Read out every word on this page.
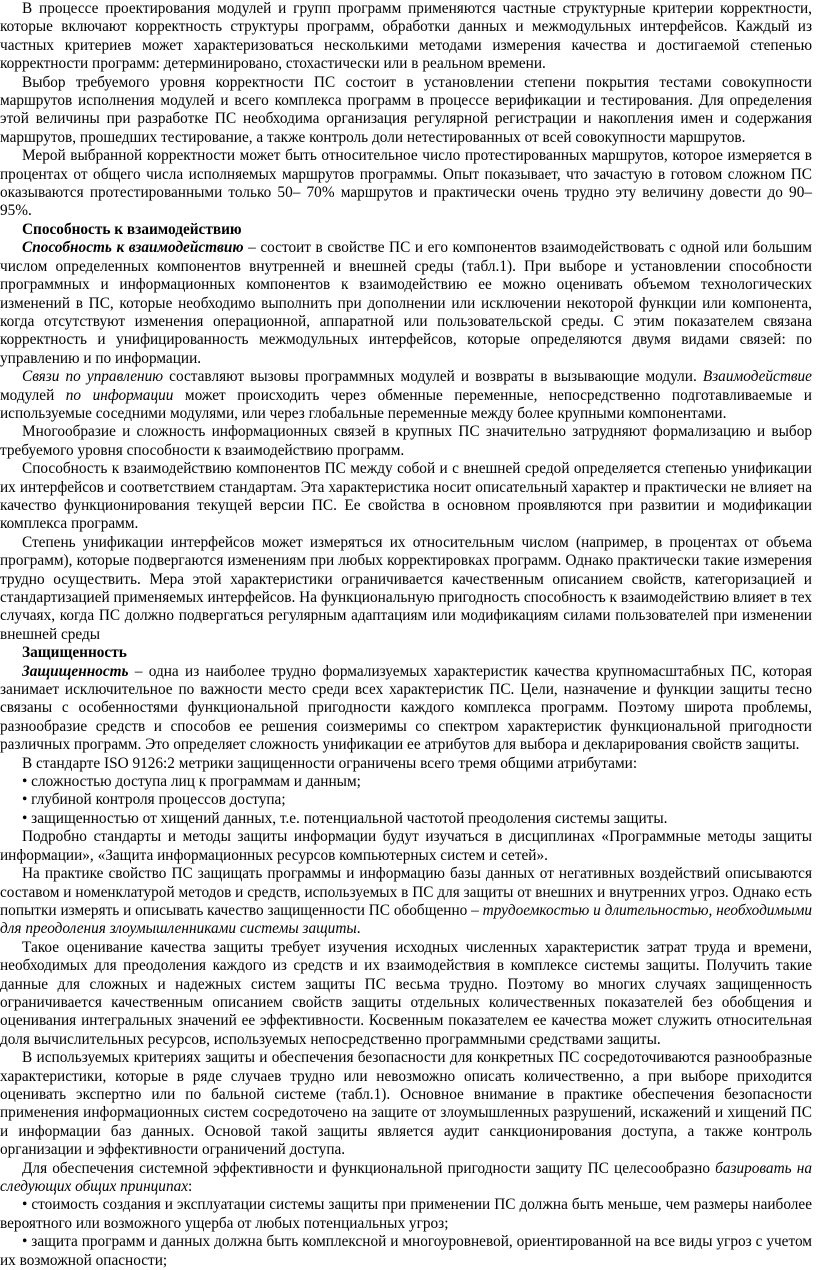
В процессе проектирования модулей и групп программ применяются частные структурные критерии корректности, которые включают корректность структуры программ, обработки данных и межмодульных интерфейсов. Каждый из частных критериев может характеризоваться несколькими методами измерения качества и достигаемой степенью корректности программ: детерминировано, стохастически или в реальном времени.

Выбор требуемого уровня корректности ПС состоит в установлении степени покрытия тестами совокупности маршрутов исполнения модулей и всего комплекса программ в процессе верификации и тестирования. Для определения этой величины при разработке ПС необходима организация регулярной регистрации и накопления имен и содержания маршрутов, прошедших тестирование, а также контроль доли нетестированных от всей совокупности маршрутов.

Мерой выбранной корректности может быть относительное число протестированных маршрутов, которое измеряется в процентах от общего числа исполняемых маршрутов программы. Опыт показывает, что зачастую в готовом сложном ПС оказываются протестированными только 50– 70% маршрутов и практически очень трудно эту величину довести до 90– 95%.

Способность к взаимодействию

Способность к взаимодействию – состоит в свойстве ПС и его компонентов взаимодействовать с одной или большим числом определенных компонентов внутренней и внешней среды (табл.1). При выборе и установлении способности программных и информационных компонентов к взаимодействию ее можно оценивать объемом технологических изменений в ПС, которые необходимо выполнить при дополнении или исключении некоторой функции или компонента, когда отсутствуют изменения операционной, аппаратной или пользовательской среды. С этим показателем связана корректность и унифицированность межмодульных интерфейсов, которые определяются двумя видами связей: по управлению и по информации.

Связи по управлению составляют вызовы программных модулей и возвраты в вызывающие модули. Взаимодействие модулей по информации может происходить через обменные переменные, непосредственно подготавливаемые и используемые соседними модулями, или через глобальные переменные между более крупными компонентами.

Многообразие и сложность информационных связей в крупных ПС значительно затрудняют формализацию и выбор требуемого уровня способности к взаимодействию программ.

Способность к взаимодействию компонентов ПС между собой и с внешней средой определяется степенью унификации их интерфейсов и соответствием стандартам. Эта характеристика носит описательный характер и практически не влияет на качество функционирования текущей версии ПС. Ее свойства в основном проявляются при развитии и модификации комплекса программ.

Степень унификации интерфейсов может измеряться их относительным числом (например, в процентах от объема программ), которые подвергаются изменениям при любых корректировках программ. Однако практически такие измерения трудно осуществить. Мера этой характеристики ограничивается качественным описанием свойств, категоризацией и стандартизацией применяемых интерфейсов. На функциональную пригодность способность к взаимодействию влияет в тех случаях, когда ПС должно подвергаться регулярным адаптациям или модификациям силами пользователей при изменении внешней среды

Защищенность

Защищенность – одна из наиболее трудно формализуемых характеристик качества крупномасштабных ПС, которая занимает исключительное по важности место среди всех характеристик ПС. Цели, назначение и функции защиты тесно связаны с особенностями функциональной пригодности каждого комплекса программ. Поэтому широта проблемы, разнообразие средств и способов ее решения соизмеримы со спектром характеристик функциональной пригодности различных программ. Это определяет сложность унификации ее атрибутов для выбора и декларирования свойств защиты.

В стандарте ISO 9126:2 метрики защищенности ограничены всего тремя общими атрибутами:

• сложностью доступа лиц к программам и данным;

• глубиной контроля процессов доступа;

• защищенностью от хищений данных, т.е. потенциальной частотой преодоления системы защиты.

Подробно стандарты и методы защиты информации будут изучаться в дисциплинах «Программные методы защиты информации», «Защита информационных ресурсов компьютерных систем и сетей».

На практике свойство ПС защищать программы и информацию базы данных от негативных воздействий описываются составом и номенклатурой методов и средств, используемых в ПС для защиты от внешних и внутренних угроз. Однако есть попытки измерять и описывать качество защищенности ПС обобщенно – трудоемкостью и длительностью, необходимыми для преодоления злоумышленниками системы защиты.

Такое оценивание качества защиты требует изучения исходных численных характеристик затрат труда и времени, необходимых для преодоления каждого из средств и их взаимодействия в комплексе системы защиты. Получить такие данные для сложных и надежных систем защиты ПС весьма трудно. Поэтому во многих случаях защищенность ограничивается качественным описанием свойств защиты отдельных количественных показателей без обобщения и оценивания интегральных значений ее эффективности. Косвенным показателем ее качества может служить относительная доля вычислительных ресурсов, используемых непосредственно программными средствами защиты.

В используемых критериях защиты и обеспечения безопасности для конкретных ПС сосредоточиваются разнообразные характеристики, которые в ряде случаев трудно или невозможно описать количественно, а при выборе приходится оценивать экспертно или по бальной системе (табл.1). Основное внимание в практике обеспечения безопасности применения информационных систем сосредоточено на защите от злоумышленных разрушений, искажений и хищений ПС и информации баз данных. Основой такой защиты является аудит санкционирования доступа, а также контроль организации и эффективности ограничений доступа.

Для обеспечения системной эффективности и функциональной пригодности защиту ПС целесообразно базировать на следующих общих принципах:

• стоимость создания и эксплуатации системы защиты при применении ПС должна быть меньше, чем размеры наиболее вероятного или возможного ущерба от любых потенциальных угроз;

• защита программ и данных должна быть комплексной и многоуровневой, ориентированной на все виды угроз с учетом их возможной опасности;
